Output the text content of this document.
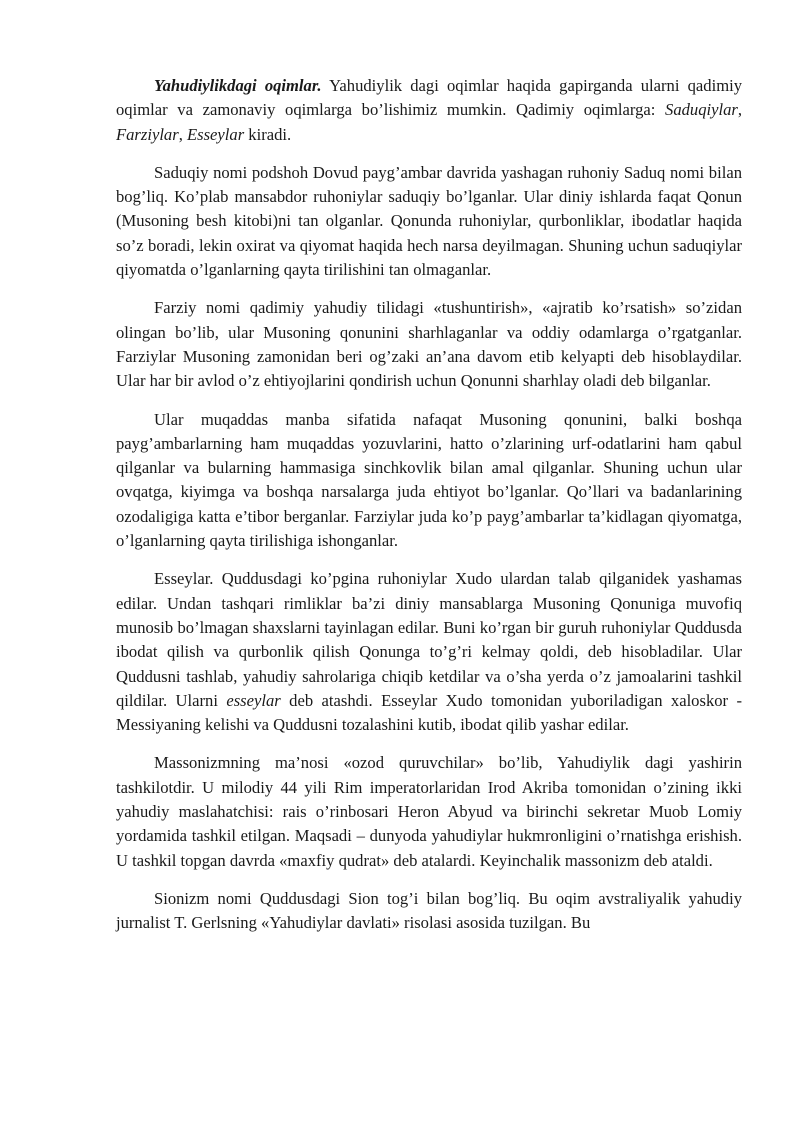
Yahudiylikdagi oqimlar. Yahudiylik dagi oqimlar haqida gapirganda ularni qadimiy oqimlar va zamonaviy oqimlarga bo’lishimiz mumkin. Qadimiy oqimlarga: Saduqiylar, Farziylar, Esseylar kiradi.

Saduqiy nomi podshoh Dovud payg’ambar davrida yashagan ruhoniy Saduq nomi bilan bog’liq. Ko’plab mansabdor ruhoniylar saduqiy bo’lganlar. Ular diniy ishlarda faqat Qonun (Musoning besh kitobi)ni tan olganlar. Qonunda ruhoniylar, qurbonliklar, ibodatlar haqida so’z boradi, lekin oxirat va qiyomat haqida hech narsa deyilmagan. Shuning uchun saduqiylar qiyomatda o’lganlarning qayta tirilishini tan olmaganlar.

Farziy nomi qadimiy yahudiy tilidagi «tushuntirish», «ajratib ko’rsatish» so’zidan olingan bo’lib, ular Musoning qonunini sharhlaganlar va oddiy odamlarga o’rgatganlar. Farziylar Musoning zamonidan beri og’zaki an’ana davom etib kelyapti deb hisoblaydilar. Ular har bir avlod o’z ehtiyojlarini qondirish uchun Qonunni sharhlay oladi deb bilganlar.

Ular muqaddas manba sifatida nafaqat Musoning qonunini, balki boshqa payg’ambarlarning ham muqaddas yozuvlarini, hatto o’zlarining urf-odatlarini ham qabul qilganlar va bularning hammasiga sinchkovlik bilan amal qilganlar. Shuning uchun ular ovqatga, kiyimga va boshqa narsalarga juda ehtiyot bo’lganlar. Qo’llari va badanlarining ozodaligiga katta e’tibor berganlar. Farziylar juda ko’p payg’ambarlar ta’kidlagan qiyomatga, o’lganlarning qayta tirilishiga ishonganlar.

Esseylar. Quddusdagi ko’pgina ruhoniylar Xudo ulardan talab qilganidek yashamas edilar. Undan tashqari rimliklar ba’zi diniy mansablarga Musoning Qonuniga muvofiq munosib bo’lmagan shaxslarni tayinlagan edilar. Buni ko’rgan bir guruh ruhoniylar Quddusda ibodat qilish va qurbonlik qilish Qonunga to’g’ri kelmay qoldi, deb hisobladilar. Ular Quddusni tashlab, yahudiy sahrolariga chiqib ketdilar va o’sha yerda o’z jamoalarini tashkil qildilar. Ularni esseylar deb atashdi. Esseylar Xudo tomonidan yuboriladigan xaloskor - Messiyaning kelishi va Quddusni tozalashini kutib, ibodat qilib yashar edilar.

Massonizmning ma’nosi «ozod quruvchilar» bo’lib, Yahudiylik dagi yashirin tashkilotdir. U milodiy 44 yili Rim imperatorlaridan Irod Akriba tomonidan o’zining ikki yahudiy maslahatchisi: rais o’rinbosari Heron Abyud va birinchi sekretar Muob Lomiy yordamida tashkil etilgan. Maqsadi – dunyoda yahudiylar hukmronligini o’rnatishga erishish. U tashkil topgan davrda «maxfiy qudrat» deb atalardi. Keyinchalik massonizm deb ataldi.

Sionizm nomi Quddusdagi Sion tog’i bilan bog’liq. Bu oqim avstraliyalik yahudiy jurnalist T. Gerlsning «Yahudiylar davlati» risolasi asosida tuzilgan. Bu
